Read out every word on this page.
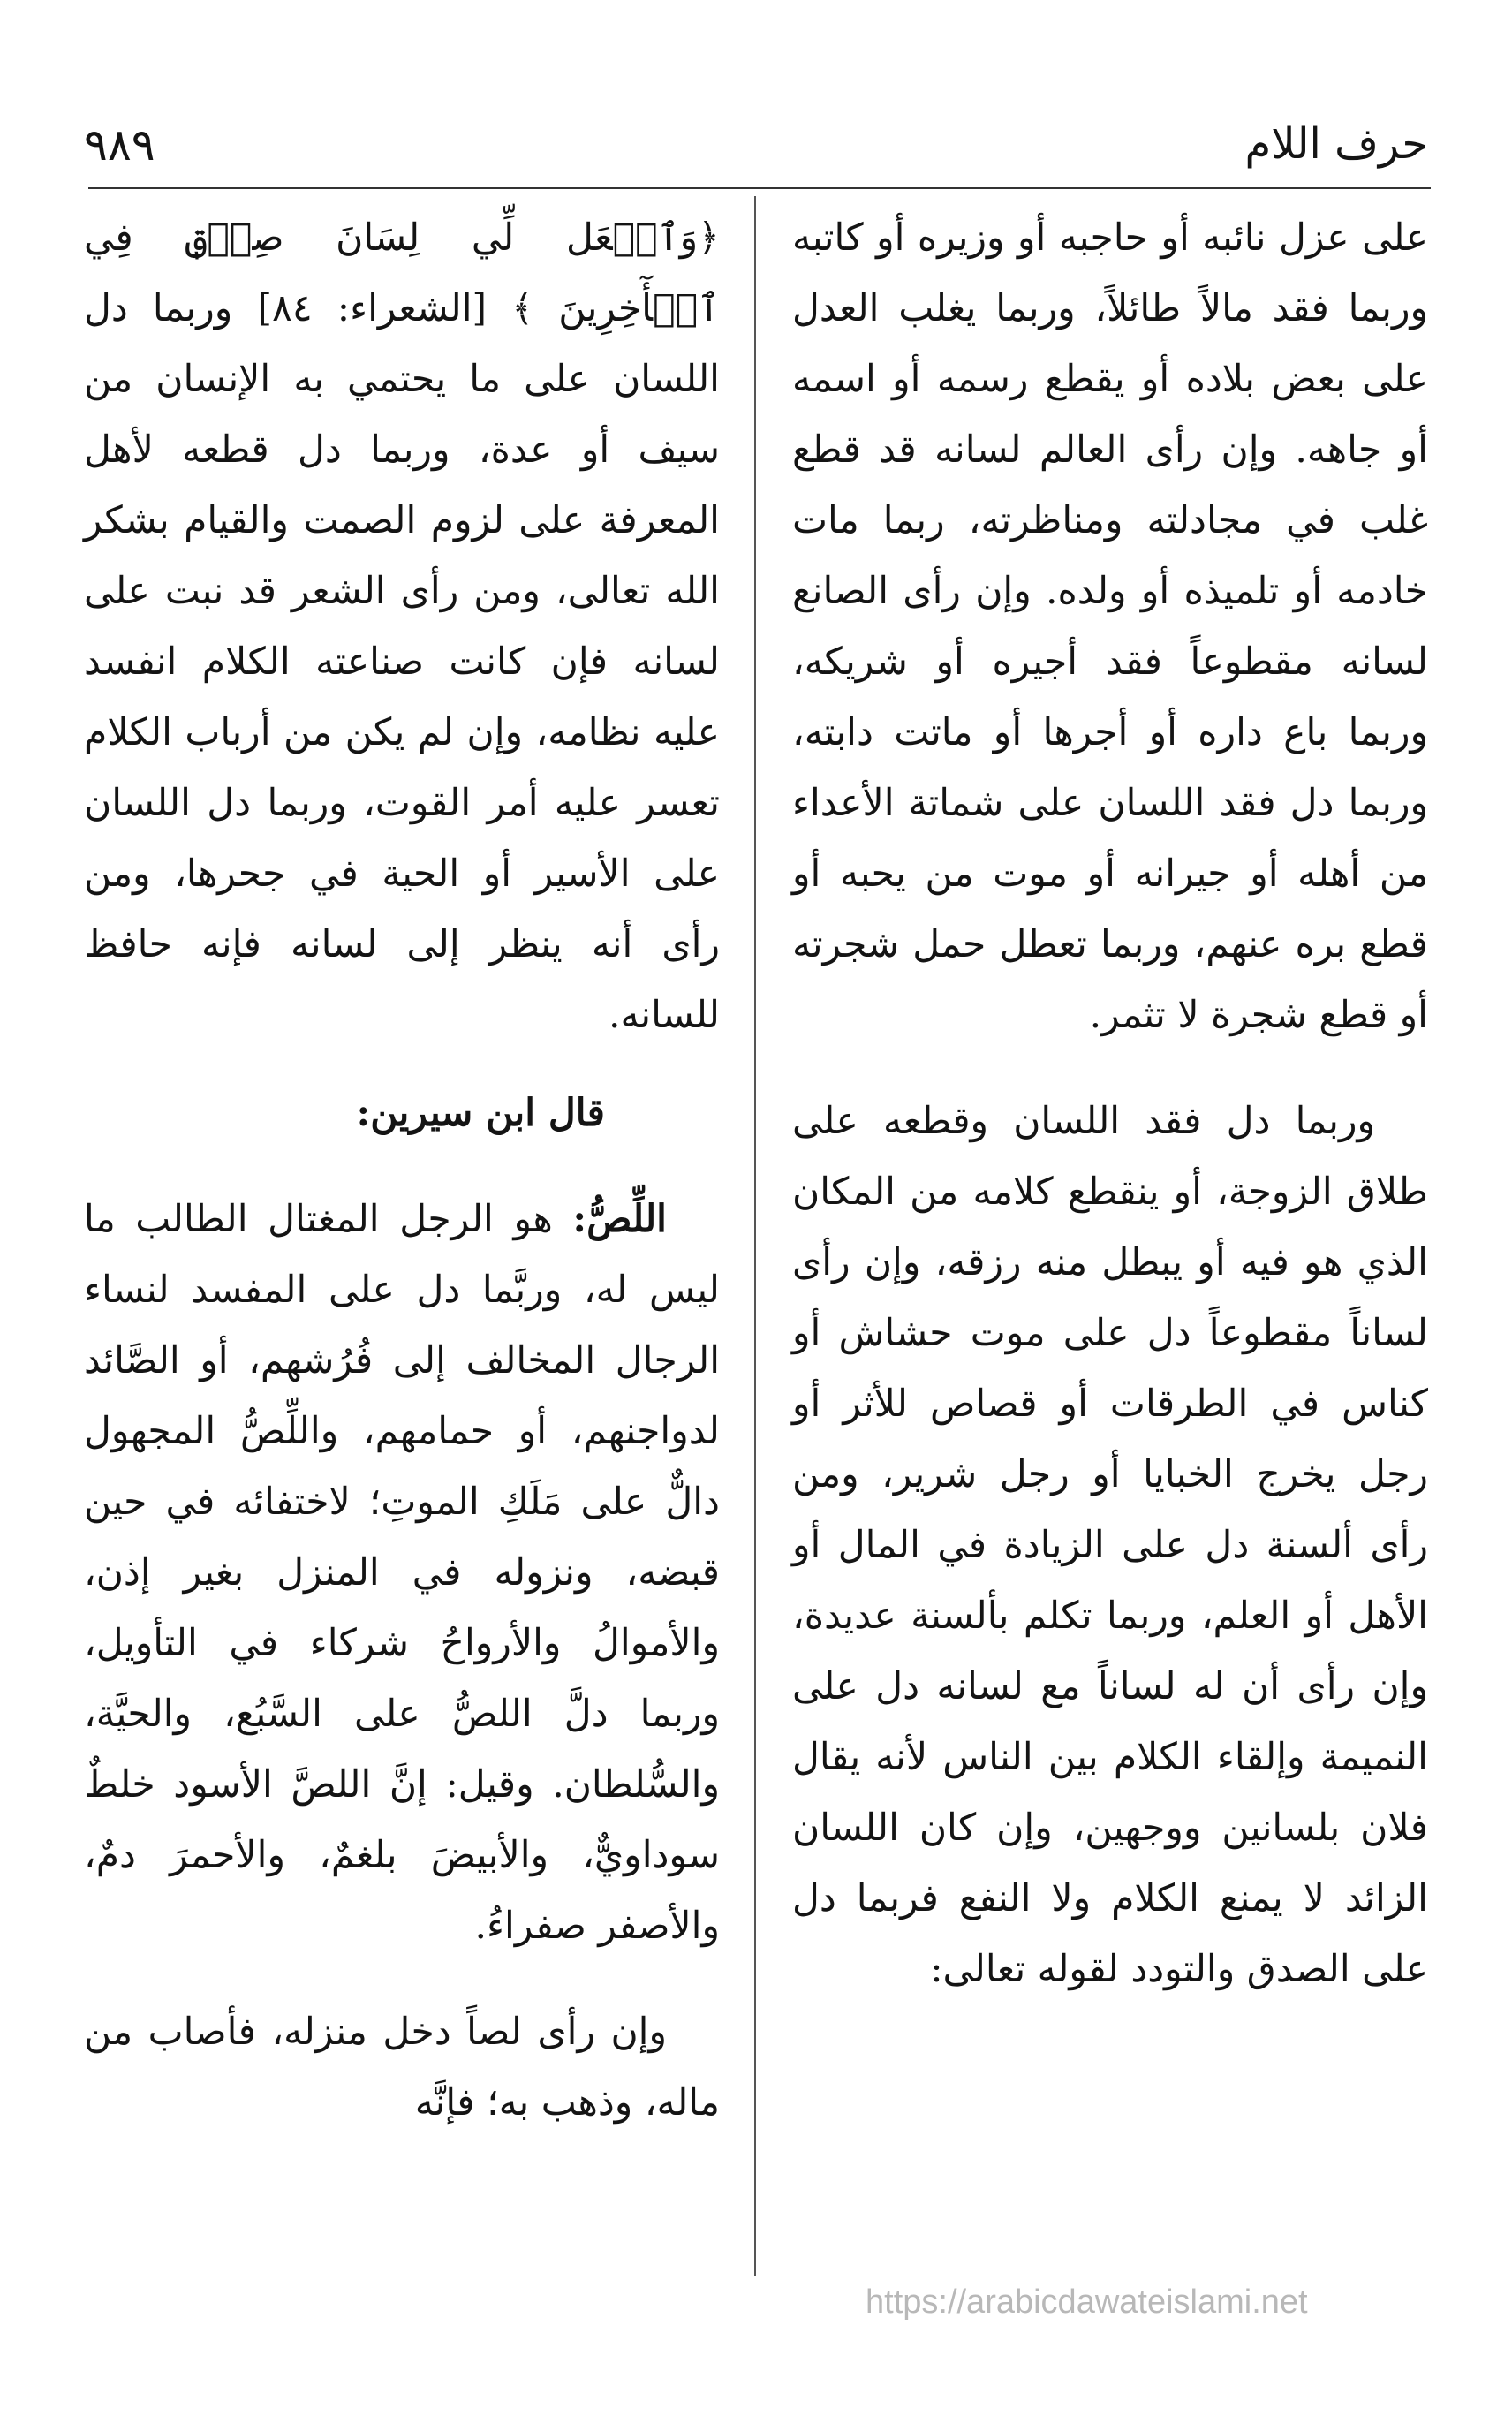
حرف اللام
٩٨٩

على عزل نائبه أو حاجبه أو وزيره أو كاتبه وربما فقد مالاً طائلاً، وربما يغلب العدل على بعض بلاده أو يقطع رسمه أو اسمه أو جاهه. وإن رأى العالم لسانه قد قطع غلب في مجادلته ومناظرته، ربما مات خادمه أو تلميذه أو ولده. وإن رأى الصانع لسانه مقطوعاً فقد أجيره أو شريكه، وربما باع داره أو أجرها أو ماتت دابته، وربما دل فقد اللسان على شماتة الأعداء من أهله أو جيرانه أو موت من يحبه أو قطع بره عنهم، وربما تعطل حمل شجرته أو قطع شجرة لا تثمر.

وربما دل فقد اللسان وقطعه على طلاق الزوجة، أو ينقطع كلامه من المكان الذي هو فيه أو يبطل منه رزقه، وإن رأى لساناً مقطوعاً دل على موت حشاش أو كناس في الطرقات أو قصاص للأثر أو رجل يخرج الخبايا أو رجل شرير، ومن رأى ألسنة دل على الزيادة في المال أو الأهل أو العلم، وربما تكلم بألسنة عديدة، وإن رأى أن له لساناً مع لسانه دل على النميمة وإلقاء الكلام بين الناس لأنه يقال فلان بلسانين ووجهين، وإن كان اللسان الزائد لا يمنع الكلام ولا النفع فربما دل على الصدق والتودد لقوله تعالى:

﴿وَٱجۡعَل لِّي لِسَانَ صِدۡقٖ فِي ٱلۡأٓخِرِينَ ﴾ [الشعراء: ٨٤] وربما دل اللسان على ما يحتمي به الإنسان من سيف أو عدة، وربما دل قطعه لأهل المعرفة على لزوم الصمت والقيام بشكر الله تعالى، ومن رأى الشعر قد نبت على لسانه فإن كانت صناعته الكلام انفسد عليه نظامه، وإن لم يكن من أرباب الكلام تعسر عليه أمر القوت، وربما دل اللسان على الأسير أو الحية في جحرها، ومن رأى أنه ينظر إلى لسانه فإنه حافظ للسانه.

قال ابن سيرين:

اللِّصُّ: هو الرجل المغتال الطالب ما ليس له، وربَّما دل على المفسد لنساء الرجال المخالف إلى فُرُشهم، أو الصَّائد لدواجنهم، أو حمامهم، واللِّصُّ المجهول دالٌّ على مَلَكِ الموتِ؛ لاختفائه في حين قبضه، ونزوله في المنزل بغير إذن، والأموالُ والأرواحُ شركاء في التأويل، وربما دلَّ اللصُّ على السَّبُع، والحيَّة، والسُّلطان. وقيل: إنَّ اللصَّ الأسود خلطٌ سوداويٌّ، والأبيضَ بلغمٌ، والأحمرَ دمٌ، والأصفر صفراءُ.

وإن رأى لصاً دخل منزله، فأصاب من ماله، وذهب به؛ فإنَّه

https://arabicdawateislami.net
